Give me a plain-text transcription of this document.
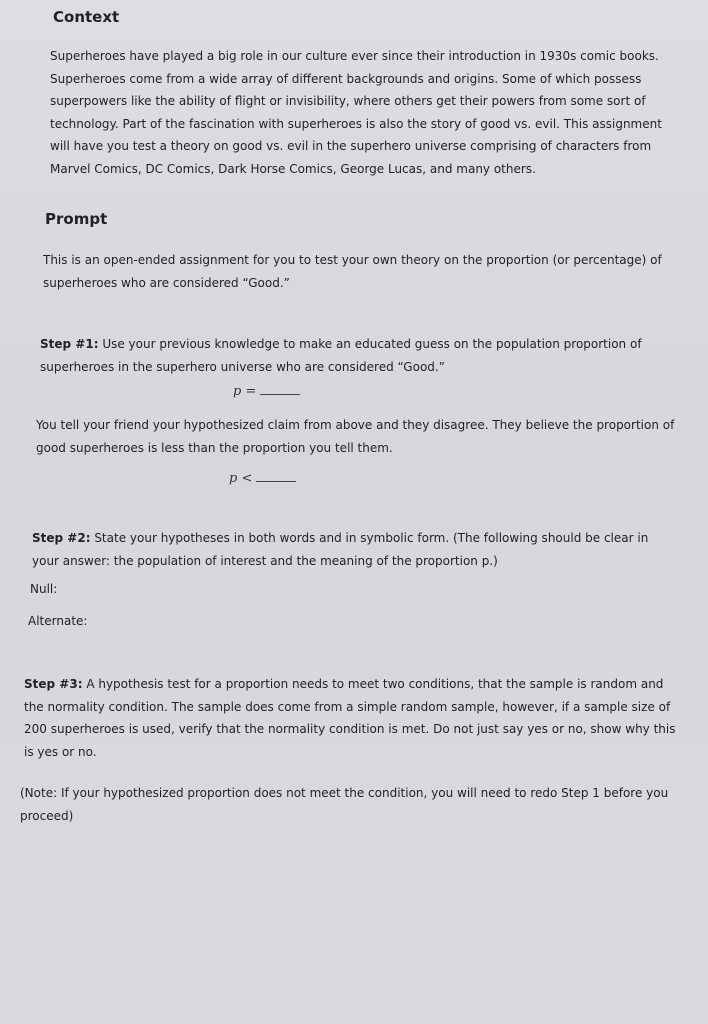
Context

Superheroes have played a big role in our culture ever since their introduction in 1930s comic books. Superheroes come from a wide array of different backgrounds and origins. Some of which possess superpowers like the ability of flight or invisibility, where others get their powers from some sort of technology. Part of the fascination with superheroes is also the story of good vs. evil. This assignment will have you test a theory on good vs. evil in the superhero universe comprising of characters from Marvel Comics, DC Comics, Dark Horse Comics, George Lucas, and many others.

Prompt

This is an open-ended assignment for you to test your own theory on the proportion (or percentage) of superheroes who are considered “Good.”

Step #1: Use your previous knowledge to make an educated guess on the population proportion of superheroes in the superhero universe who are considered “Good.”

p =

You tell your friend your hypothesized claim from above and they disagree. They believe the proportion of good superheroes is less than the proportion you tell them.

p <

Step #2: State your hypotheses in both words and in symbolic form. (The following should be clear in your answer: the population of interest and the meaning of the proportion p.)

Null:

Alternate:

Step #3: A hypothesis test for a proportion needs to meet two conditions, that the sample is random and the normality condition. The sample does come from a simple random sample, however, if a sample size of 200 superheroes is used, verify that the normality condition is met. Do not just say yes or no, show why this is yes or no.

(Note: If your hypothesized proportion does not meet the condition, you will need to redo Step 1 before you proceed)
